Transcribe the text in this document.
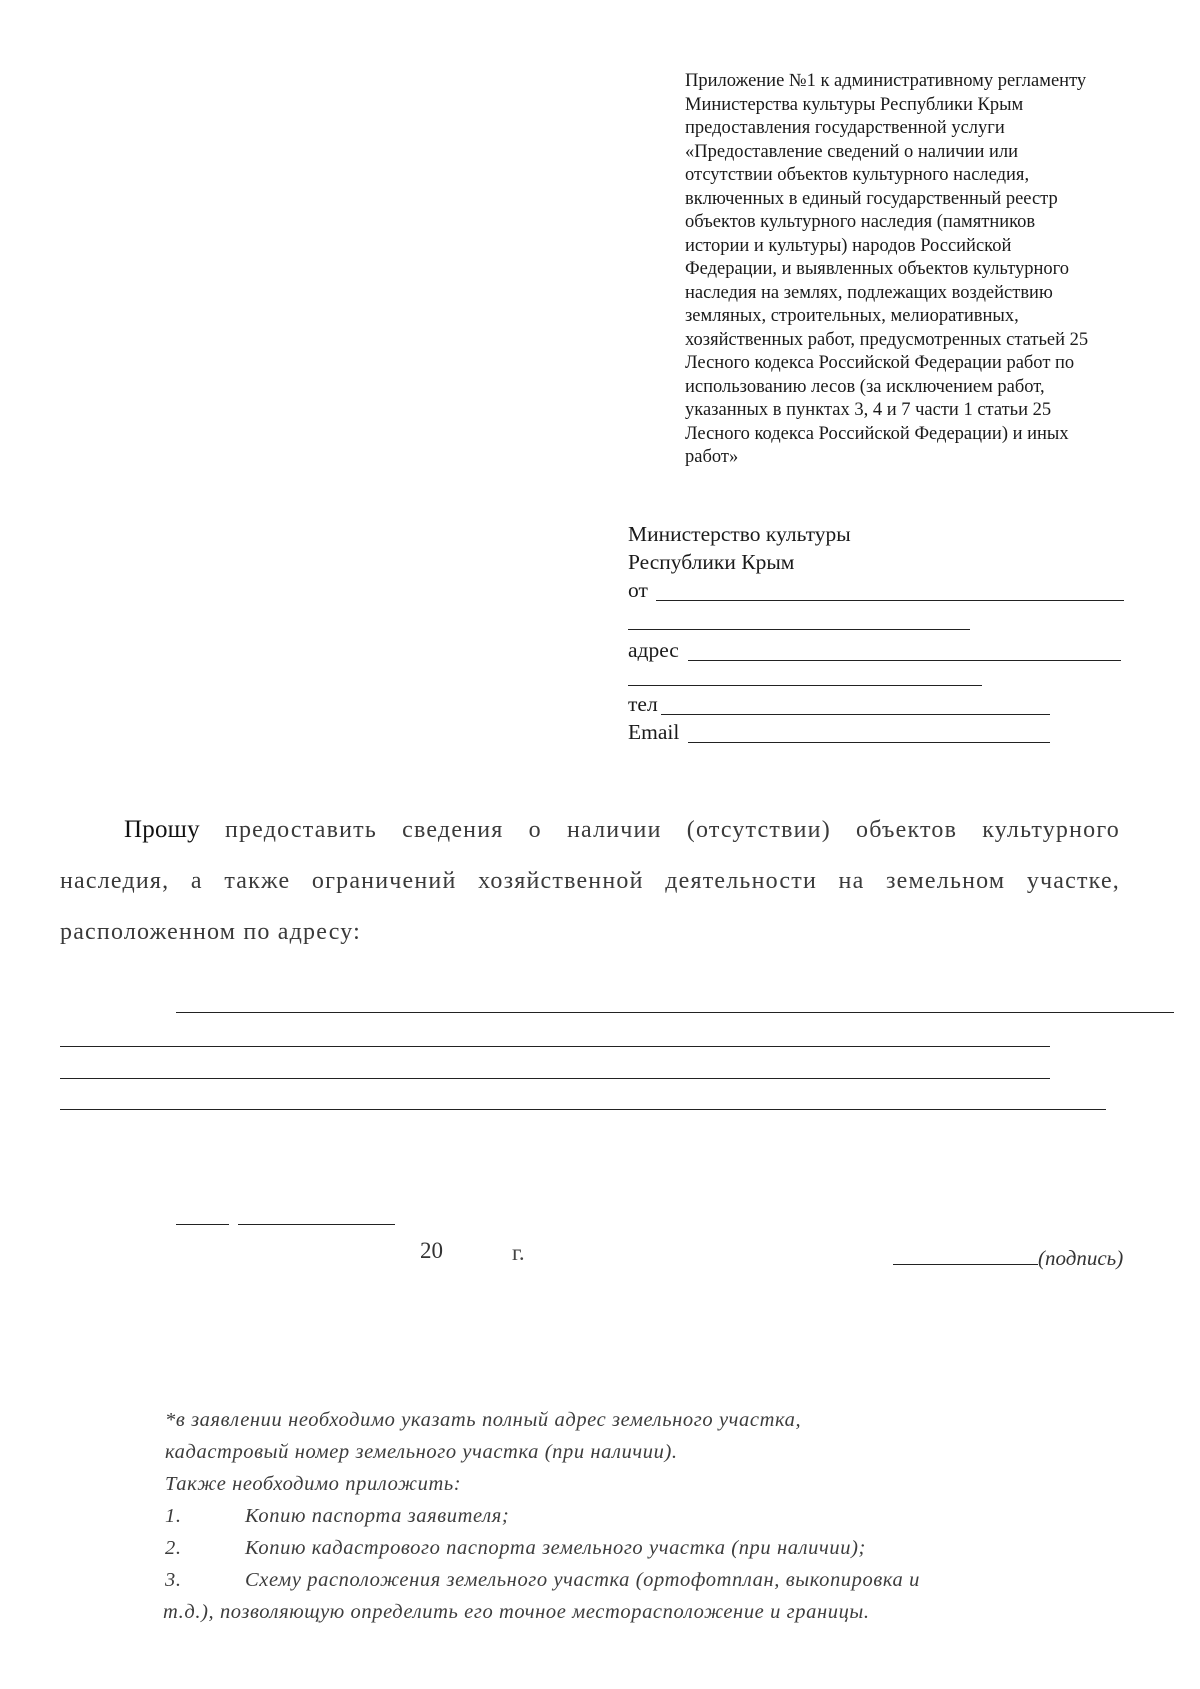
Приложение №1 к административному регламенту
Министерства культуры Республики Крым
предоставления государственной услуги
«Предоставление сведений о наличии или
отсутствии объектов культурного наследия,
включенных в единый государственный реестр
объектов культурного наследия (памятников
истории и культуры) народов Российской
Федерации, и выявленных объектов культурного
наследия на землях, подлежащих воздействию
земляных, строительных, мелиоративных,
хозяйственных работ, предусмотренных статьей 25
Лесного кодекса Российской Федерации работ по
использованию лесов (за исключением работ,
указанных в пунктах 3, 4 и 7 части 1 статьи 25
Лесного кодекса Российской Федерации) и иных
работ»
Министерство культуры
Республики Крым
от
адрес
тел
Email
Прошу предоставить сведения о наличии (отсутствии) объектов культурного
наследия, а также ограничений хозяйственной деятельности на земельном участке,
расположенном по адресу:
20	г.	(подпись)
*в заявлении необходимо указать полный адрес земельного участка,
кадастровый номер земельного участка (при наличии).
Также необходимо приложить:
1.	Копию паспорта заявителя;
2.	Копию кадастрового паспорта земельного участка (при наличии);
3.	Схему расположения земельного участка (ортофотплан, выкопировка и
т.д.), позволяющую определить его точное месторасположение и границы.
